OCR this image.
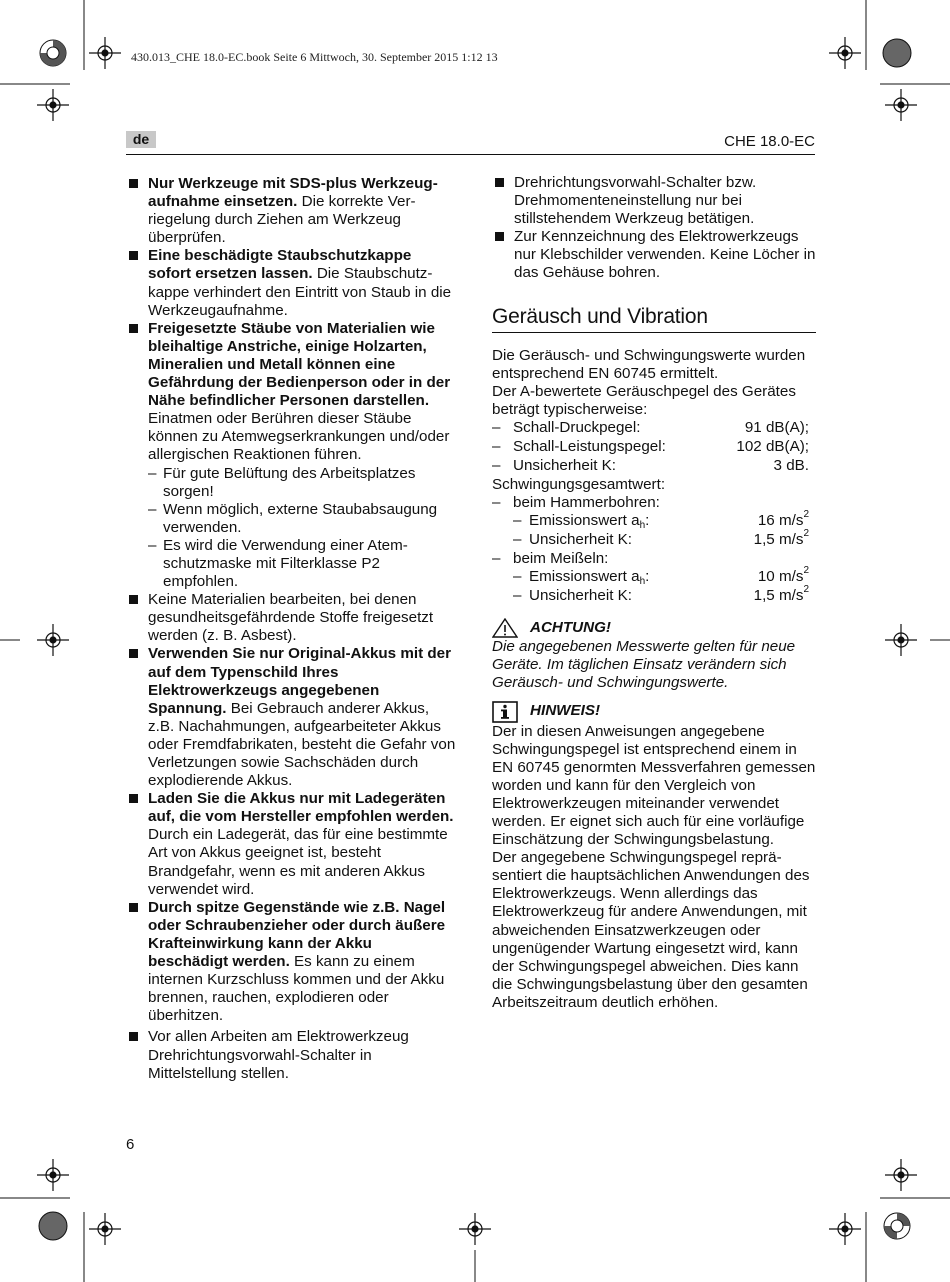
430.013_CHE 18.0-EC.book Seite 6 Mittwoch, 30. September 2015 1:12 13
de	CHE 18.0-EC

Nur Werkzeuge mit SDS-plus Werkzeugaufnahme einsetzen. Die korrekte Verriegelung durch Ziehen am Werkzeug überprüfen.

Eine beschädigte Staubschutzkappe sofort ersetzen lassen. Die Staubschutzkappe verhindert den Eintritt von Staub in die Werkzeugaufnahme.

Freigesetzte Stäube von Materialien wie bleihaltige Anstriche, einige Holzarten, Mineralien und Metall können eine Gefährdung der Bedienperson oder in der Nähe befindlicher Personen darstellen. Einatmen oder Berühren dieser Stäube können zu Atemwegserkrankungen und/oder allergischen Reaktionen führen.

– Für gute Belüftung des Arbeitsplatzes sorgen!

– Wenn möglich, externe Staubabsaugung verwenden.

– Es wird die Verwendung einer Atemschutzmaske mit Filterklasse P2 empfohlen.

Keine Materialien bearbeiten, bei denen gesundheitsgefährdende Stoffe freigesetzt werden (z. B. Asbest).

Verwenden Sie nur Original-Akkus mit der auf dem Typenschild Ihres Elektrowerkzeugs angegebenen Spannung. Bei Gebrauch anderer Akkus, z.B. Nachahmungen, aufgearbeiteter Akkus oder Fremdfabrikaten, besteht die Gefahr von Verletzungen sowie Sachschäden durch explodierende Akkus.

Laden Sie die Akkus nur mit Ladegeräten auf, die vom Hersteller empfohlen werden. Durch ein Ladegerät, das für eine bestimmte Art von Akkus geeignet ist, besteht Brandgefahr, wenn es mit anderen Akkus verwendet wird.

Durch spitze Gegenstände wie z.B. Nagel oder Schraubenzieher oder durch äußere Krafteinwirkung kann der Akku beschädigt werden. Es kann zu einem internen Kurzschluss kommen und der Akku brennen, rauchen, explodieren oder überhitzen.

Vor allen Arbeiten am Elektrowerkzeug Drehrichtungsvorwahl-Schalter in Mittelstellung stellen.

Drehrichtungsvorwahl-Schalter bzw. Drehmomenteneinstellung nur bei stillstehendem Werkzeug betätigen.

Zur Kennzeichnung des Elektrowerkzeugs nur Klebschilder verwenden. Keine Löcher in das Gehäuse bohren.

Geräusch und Vibration

Die Geräusch- und Schwingungswerte wurden entsprechend EN 60745 ermittelt.

Der A-bewertete Geräuschpegel des Gerätes beträgt typischerweise:

– Schall-Druckpegel:	91 dB(A);
– Schall-Leistungspegel:	102 dB(A);
– Unsicherheit K:	3 dB.

Schwingungsgesamtwert:

– beim Hammerbohren:

– Emissionswert $a_h$:	16 $m/s^2$
– Unsicherheit K:	1,5 $m/s^2$

– beim Meißeln:

– Emissionswert $a_h$:	10 $m/s^2$
– Unsicherheit K:	1,5 $m/s^2$
ACHTUNG!

Die angegebenen Messwerte gelten für neue Geräte. Im täglichen Einsatz verändern sich Geräusch- und Schwingungswerte.

HINWEIS!

Der in diesen Anweisungen angegebene Schwingungspegel ist entsprechend einem in EN 60745 genormten Messverfahren gemessen worden und kann für den Vergleich von Elektrowerkzeugen miteinander verwendet werden. Er eignet sich auch für eine vorläufige Einschätzung der Schwingungsbelastung.

Der angegebene Schwingungspegel repräsentiert die hauptsächlichen Anwendungen des Elektrowerkzeugs. Wenn allerdings das Elektrowerkzeug für andere Anwendungen, mit abweichenden Einsatzwerkzeugen oder ungenügender Wartung eingesetzt wird, kann der Schwingungspegel abweichen. Dies kann die Schwingungsbelastung über den gesamten Arbeitszeitraum deutlich erhöhen.

6
